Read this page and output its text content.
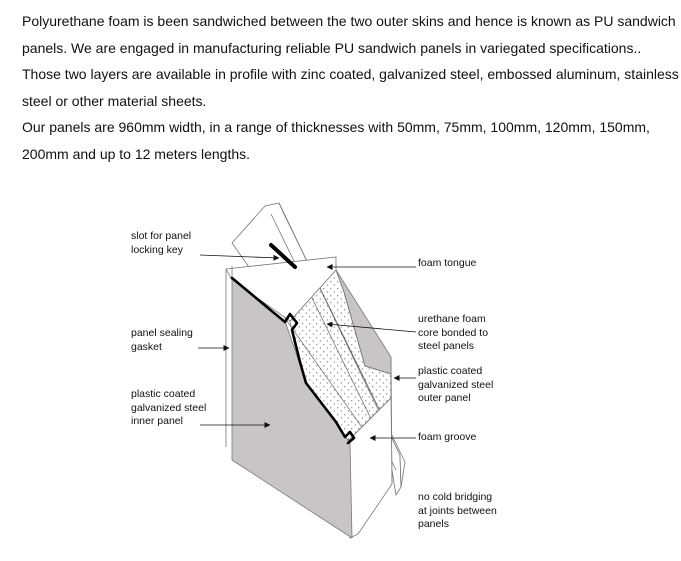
Polyurethane foam is been sandwiched between the two outer skins and hence is known as PU sandwich

panels. We are engaged in manufacturing reliable PU sandwich panels in variegated specifications..

Those two layers are available in profile with zinc coated, galvanized steel, embossed aluminum, stainless

steel or other material sheets.

Our panels are 960mm width, in a range of thicknesses with 50mm, 75mm, 100mm, 120mm, 150mm,

200mm and up to 12 meters lengths.

slot for panel
locking key
foam tongue
urethane foam
core bonded to
steel panels
panel sealing
gasket
plastic coated
galvanized steel
outer panel
plastic coated
galvanized steel
inner panel
foam groove
no cold bridging
at joints between
panels
